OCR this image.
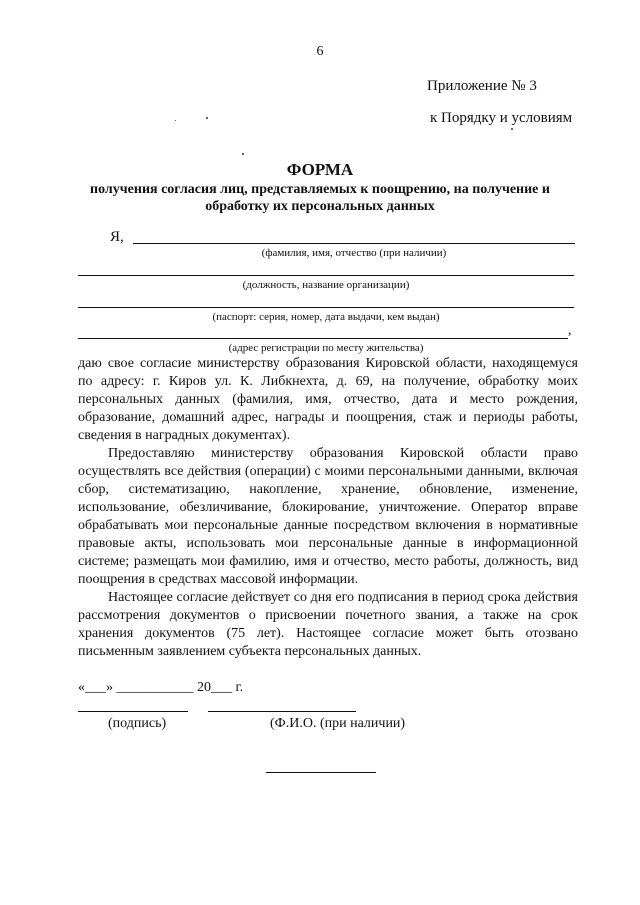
6
Приложение № 3
к Порядку и условиям
ФОРМА
получения согласия лиц, представляемых к поощрению, на получение и обработку их персональных данных
Я,
(фамилия, имя, отчество (при наличии)
(должность, название организации)
(паспорт: серия, номер, дата выдачи, кем выдан)
,
(адрес регистрации по месту жительства)

даю свое согласие министерству образования Кировской области, находящемуся по адресу: г. Киров ул. К. Либкнехта, д. 69, на получение, обработку моих персональных данных (фамилия, имя, отчество, дата и место рождения, образование, домашний адрес, награды и поощрения, стаж и периоды работы, сведения в наградных документах).

Предоставляю министерству образования Кировской области право осуществлять все действия (операции) с моими персональными данными, включая сбор, систематизацию, накопление, хранение, обновление, изменение, использование, обезличивание, блокирование, уничтожение. Оператор вправе обрабатывать мои персональные данные посредством включения в нормативные правовые акты, использовать мои персональные данные в информационной системе; размещать мои фамилию, имя и отчество, место работы, должность, вид поощрения в средствах массовой информации.

Настоящее согласие действует со дня его подписания в период срока действия рассмотрения документов о присвоении почетного звания, а также на срок хранения документов (75 лет). Настоящее согласие может быть отозвано письменным заявлением субъекта персональных данных.

«___» ___________ 20___ г.
(подпись)	(Ф.И.О. (при наличии)
